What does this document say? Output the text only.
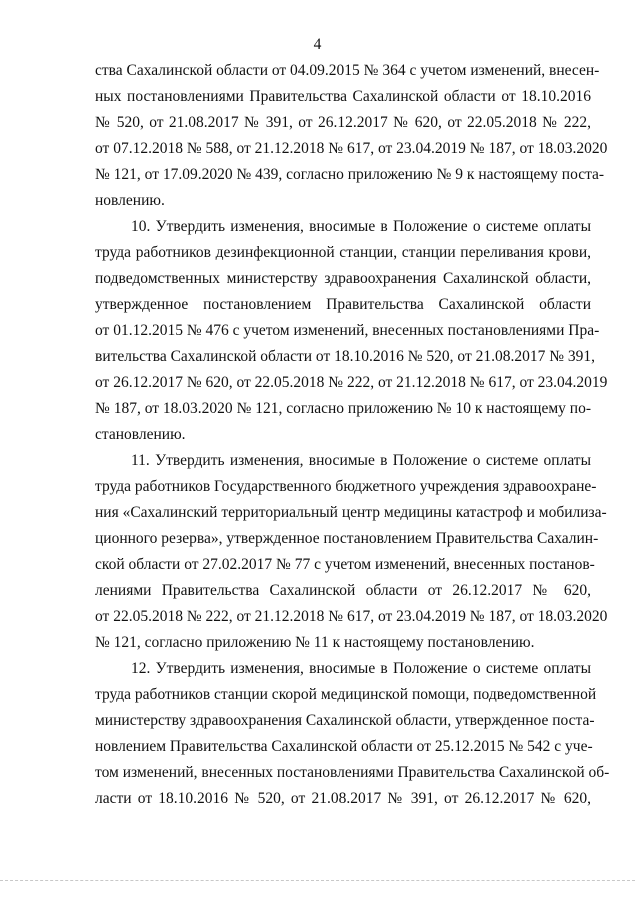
4
ства Сахалинской области от 04.09.2015 № 364 с учетом изменений, внесен-
ных постановлениями Правительства Сахалинской области от 18.10.2016
№ 520, от 21.08.2017 № 391, от 26.12.2017 № 620, от 22.05.2018 № 222,
от 07.12.2018 № 588, от 21.12.2018 № 617, от 23.04.2019 № 187, от 18.03.2020
№ 121, от 17.09.2020 № 439, согласно приложению № 9 к настоящему поста-
новлению.
10. Утвердить изменения, вносимые в Положение о системе оплаты
труда работников дезинфекционной станции, станции переливания крови,
подведомственных министерству здравоохранения Сахалинской области,
утвержденное постановлением Правительства Сахалинской области
от 01.12.2015 № 476 с учетом изменений, внесенных постановлениями Пра-
вительства Сахалинской области от 18.10.2016 № 520, от 21.08.2017 № 391,
от 26.12.2017 № 620, от 22.05.2018 № 222, от 21.12.2018 № 617, от 23.04.2019
№ 187, от 18.03.2020 № 121, согласно приложению № 10 к настоящему по-
становлению.
11. Утвердить изменения, вносимые в Положение о системе оплаты
труда работников Государственного бюджетного учреждения здравоохране-
ния «Сахалинский территориальный центр медицины катастроф и мобилиза-
ционного резерва», утвержденное постановлением Правительства Сахалин-
ской области от 27.02.2017 № 77 с учетом изменений, внесенных постанов-
лениями Правительства Сахалинской области от 26.12.2017 № 620,
от 22.05.2018 № 222, от 21.12.2018 № 617, от 23.04.2019 № 187, от 18.03.2020
№ 121, согласно приложению № 11 к настоящему постановлению.
12. Утвердить изменения, вносимые в Положение о системе оплаты
труда работников станции скорой медицинской помощи, подведомственной
министерству здравоохранения Сахалинской области, утвержденное поста-
новлением Правительства Сахалинской области от 25.12.2015 № 542 с уче-
том изменений, внесенных постановлениями Правительства Сахалинской об-
ласти от 18.10.2016 № 520, от 21.08.2017 № 391, от 26.12.2017 № 620,
